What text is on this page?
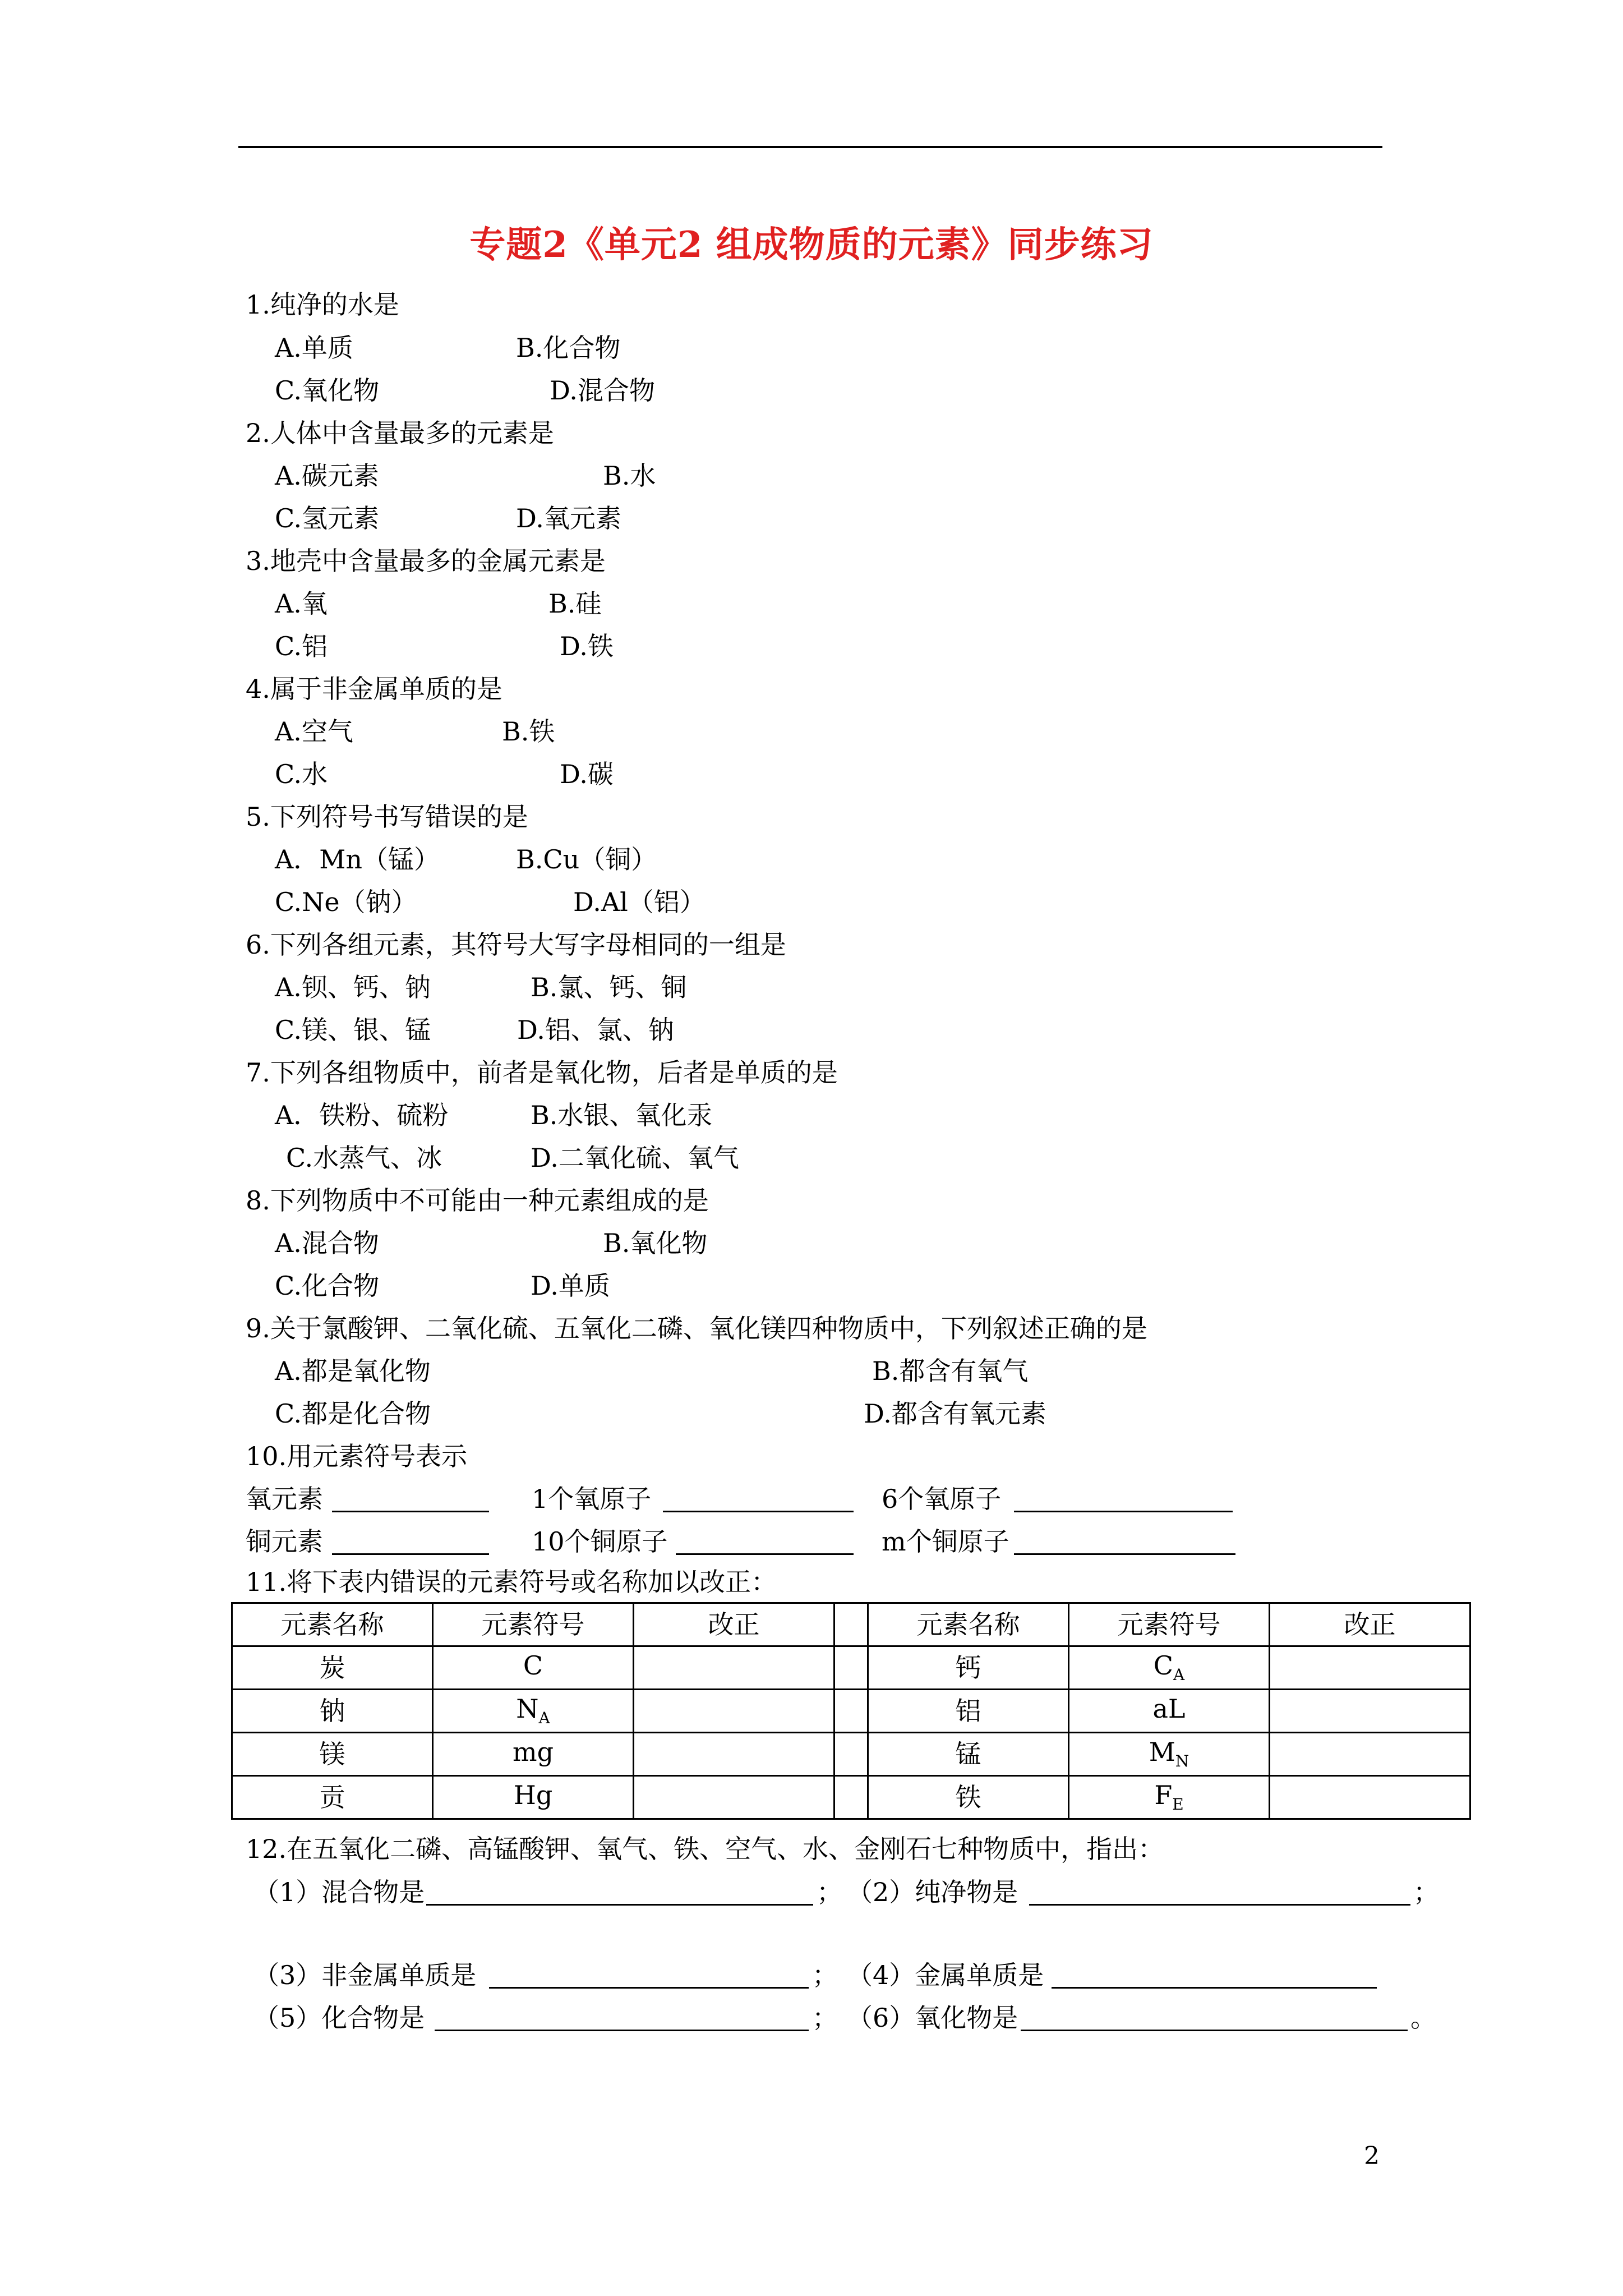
专题2《单元2 组成物质的元素》同步练习
1.纯净的水是
A.单质	B.化合物
C.氧化物	D.混合物
2.人体中含量最多的元素是
A.碳元素	B.水
C.氢元素	D.氧元素
3.地壳中含量最多的金属元素是
A.氧	B.硅
C.铝	D.铁
4.属于非金属单质的是
A.空气	B.铁
C.水	D.碳
5.下列符号书写错误的是
A．Mn（锰）	B.Cu（铜）
C.Ne（钠）	D.Al（铝）
6.下列各组元素，其符号大写字母相同的一组是
A.钡、钙、钠	B.氯、钙、铜
C.镁、银、锰	D.铝、氯、钠
7.下列各组物质中，前者是氧化物，后者是单质的是
A．铁粉、硫粉	B.水银、氧化汞
C.水蒸气、冰	D.二氧化硫、氧气
8.下列物质中不可能由一种元素组成的是
A.混合物	B.氧化物
C.化合物	D.单质
9.关于氯酸钾、二氧化硫、五氧化二磷、氧化镁四种物质中，下列叙述正确的是
A.都是氧化物	B.都含有氧气
C.都是化合物	D.都含有氧元素
10.用元素符号表示
氧元素	1个氧原子	6个氧原子
铜元素	10个铜原子	m个铜原子
11.将下表内错误的元素符号或名称加以改正：
元素名称	元素符号	改正		元素名称	元素符号	改正
炭	C			钙	$C_A$	
钠	$N_A$			铝	aL	
镁	mg			锰	$M_N$	
贡	Hg			铁	$F_E$	
12.在五氧化二磷、高锰酸钾、氧气、铁、空气、水、金刚石七种物质中，指出：
（1）混合物是	； （2）纯净物是	；
（3）非金属单质是	； （4）金属单质是
（5）化合物是	； （6）氧化物是	。
2
